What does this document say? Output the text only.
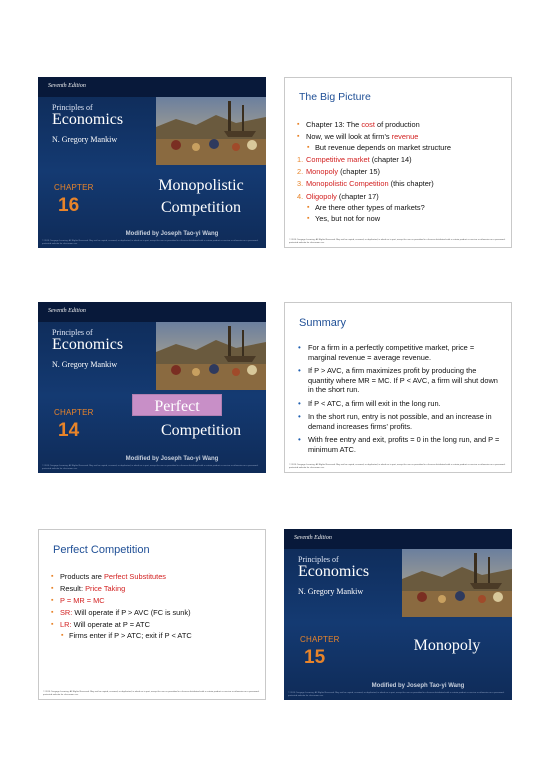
Seventh Edition
Principles of
Economics
N. Gregory Mankiw
CHAPTER
16
Monopolistic
Competition
Modified by Joseph Tao-yi Wang
© 2015 Cengage Learning. All Rights Reserved. May not be copied, scanned, or duplicated, in whole or in part, except for use as permitted in a license distributed with a certain product or service or otherwise on a password-protected website for classroom use.
The Big Picture
▪ Chapter 13: The cost of production
▪ Now, we will look at firm's revenue
▪ But revenue depends on market structure
1. Competitive market (chapter 14)
2. Monopoly (chapter 15)
3. Monopolistic Competition (this chapter)
4. Oligopoly (chapter 17)
▪ Are there other types of markets?
▪ Yes, but not for now
© 2015 Cengage Learning. All Rights Reserved. May not be copied, scanned, or duplicated, in whole or in part, except for use as permitted in a license distributed with a certain product or service or otherwise on a password-protected website for classroom use.
Seventh Edition
Principles of
Economics
N. Gregory Mankiw
CHAPTER
14
Perfect
Competition
Modified by Joseph Tao-yi Wang
© 2015 Cengage Learning. All Rights Reserved. May not be copied, scanned, or duplicated, in whole or in part, except for use as permitted in a license distributed with a certain product or service or otherwise on a password-protected website for classroom use.
Summary
• For a firm in a perfectly competitive market, price = marginal revenue = average revenue.
• If P > AVC, a firm maximizes profit by producing the quantity where MR = MC. If P < AVC, a firm will shut down in the short run.
• If P < ATC, a firm will exit in the long run.
• In the short run, entry is not possible, and an increase in demand increases firms' profits.
• With free entry and exit, profits = 0 in the long run, and P = minimum ATC.
© 2015 Cengage Learning. All Rights Reserved. May not be copied, scanned, or duplicated, in whole or in part, except for use as permitted in a license distributed with a certain product or service or otherwise on a password-protected website for classroom use.
Perfect Competition
▪ Products are Perfect Substitutes
▪ Result: Price Taking
▪ P = MR = MC
▪ SR: Will operate if P > AVC (FC is sunk)
▪ LR: Will operate at P = ATC
▪ Firms enter if P > ATC; exit if P < ATC
© 2015 Cengage Learning. All Rights Reserved. May not be copied, scanned, or duplicated, in whole or in part, except for use as permitted in a license distributed with a certain product or service or otherwise on a password-protected website for classroom use.
Seventh Edition
Principles of
Economics
N. Gregory Mankiw
CHAPTER
15
Monopoly
Modified by Joseph Tao-yi Wang
© 2015 Cengage Learning. All Rights Reserved. May not be copied, scanned, or duplicated, in whole or in part, except for use as permitted in a license distributed with a certain product or service or otherwise on a password-protected website for classroom use.
